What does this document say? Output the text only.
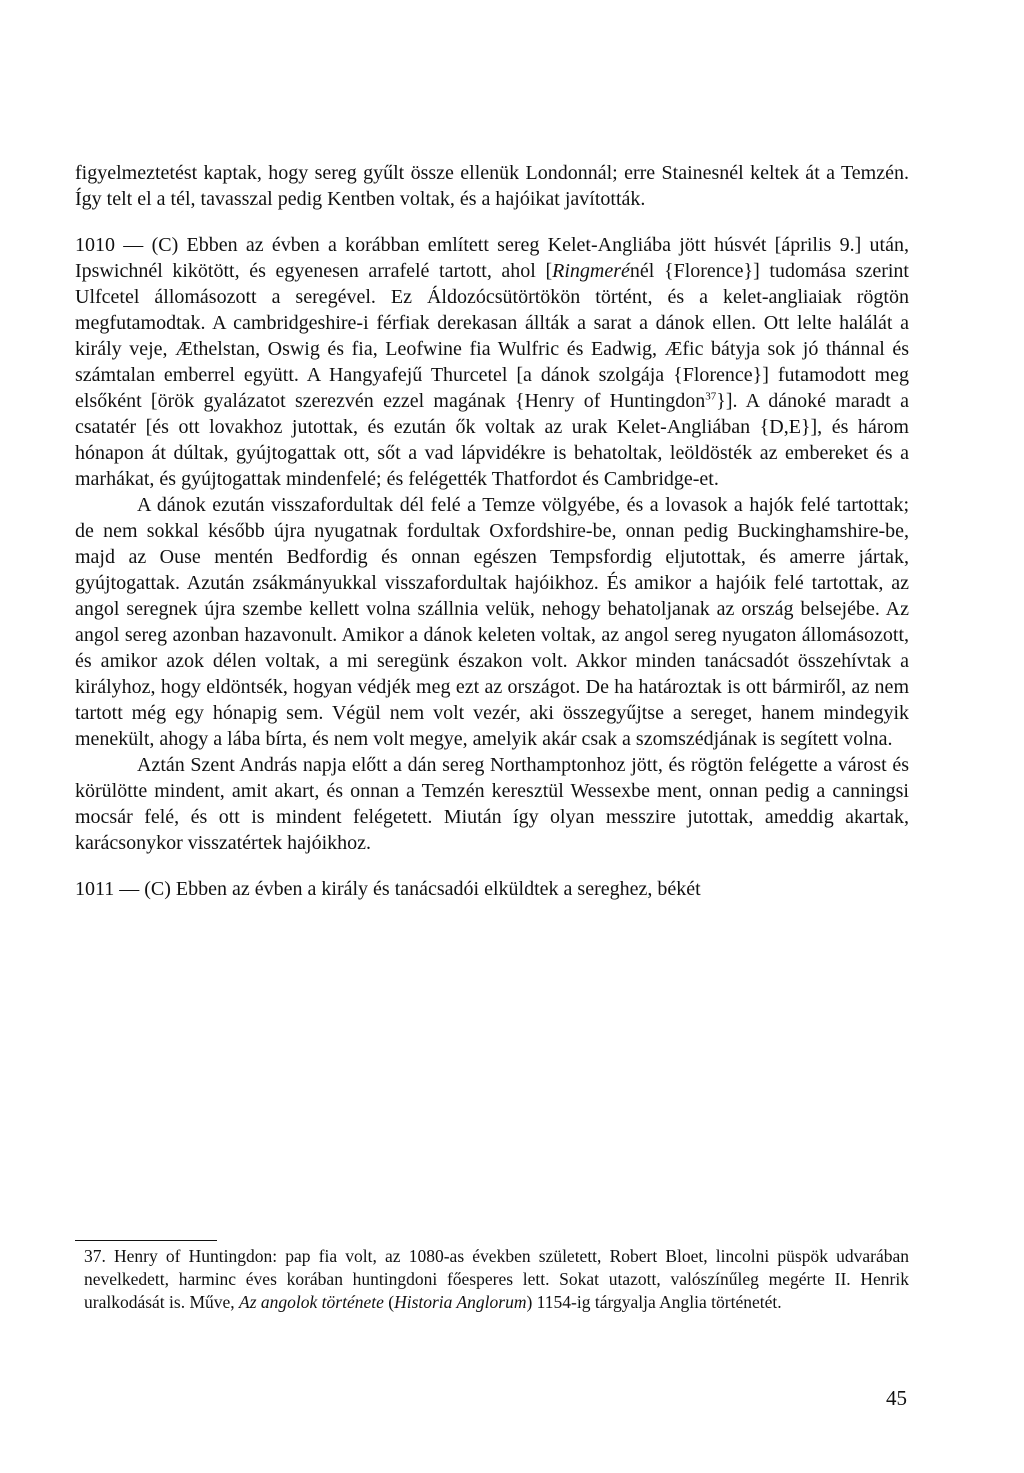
figyelmeztetést kaptak, hogy sereg gyűlt össze ellenük Londonnál; erre Stainesnél keltek át a Temzén. Így telt el a tél, tavasszal pedig Kentben voltak, és a hajóikat javították.

1010 — (C) Ebben az évben a korábban említett sereg Kelet-Angliába jött húsvét [április 9.] után, Ipswichnél kikötött, és egyenesen arrafelé tartott, ahol [Ringmerénél {Florence}] tudomása szerint Ulfcetel állomásozott a seregével. Ez Áldozócsütörtökön történt, és a kelet-angliaiak rögtön megfutamodtak. A cambridgeshire-i férfiak derekasan állták a sarat a dánok ellen. Ott lelte halálát a király veje, Æthelstan, Oswig és fia, Leofwine fia Wulfric és Eadwig, Æfic bátyja sok jó thánnal és számtalan emberrel együtt. A Hangyafejű Thurcetel [a dánok szolgája {Florence}] futamodott meg elsőként [örök gyalázatot szerezvén ezzel magának {Henry of Huntingdon$^{37}$}]. A dánoké maradt a csatatér [és ott lovakhoz jutottak, és ezután ők voltak az urak Kelet-Angliában {D,E}], és három hónapon át dúltak, gyújtogattak ott, sőt a vad lápvidékre is behatoltak, leöldösték az embereket és a marhákat, és gyújtogattak mindenfelé; és felégették Thatfordot és Cambridge-et.

A dánok ezután visszafordultak dél felé a Temze völgyébe, és a lovasok a hajók felé tartottak; de nem sokkal később újra nyugatnak fordultak Oxfordshire-be, onnan pedig Buckinghamshire-be, majd az Ouse mentén Bedfordig és onnan egészen Tempsfordig eljutottak, és amerre jártak, gyújtogattak. Azután zsákmányukkal visszafordultak hajóikhoz. És amikor a hajóik felé tartottak, az angol seregnek újra szembe kellett volna szállnia velük, nehogy behatoljanak az ország belsejébe. Az angol sereg azonban hazavonult. Amikor a dánok keleten voltak, az angol sereg nyugaton állomásozott, és amikor azok délen voltak, a mi seregünk északon volt. Akkor minden tanácsadót összehívtak a királyhoz, hogy eldöntsék, hogyan védjék meg ezt az országot. De ha határoztak is ott bármiről, az nem tartott még egy hónapig sem. Végül nem volt vezér, aki összegyűjtse a sereget, hanem mindegyik menekült, ahogy a lába bírta, és nem volt megye, amelyik akár csak a szomszédjának is segített volna.

Aztán Szent András napja előtt a dán sereg Northamptonhoz jött, és rögtön felégette a várost és körülötte mindent, amit akart, és onnan a Temzén keresztül Wessexbe ment, onnan pedig a canningsi mocsár felé, és ott is mindent felégetett. Miután így olyan messzire jutottak, ameddig akartak, karácsonykor visszatértek hajóikhoz.

1011 — (C) Ebben az évben a király és tanácsadói elküldtek a sereghez, békét

37. Henry of Huntingdon: pap fia volt, az 1080-as években született, Robert Bloet, lincolni püspök udvarában nevelkedett, harminc éves korában huntingdoni főesperes lett. Sokat utazott, valószínűleg megérte II. Henrik uralkodását is. Műve, Az angolok története (Historia Anglorum) 1154-ig tárgyalja Anglia történetét.

45
